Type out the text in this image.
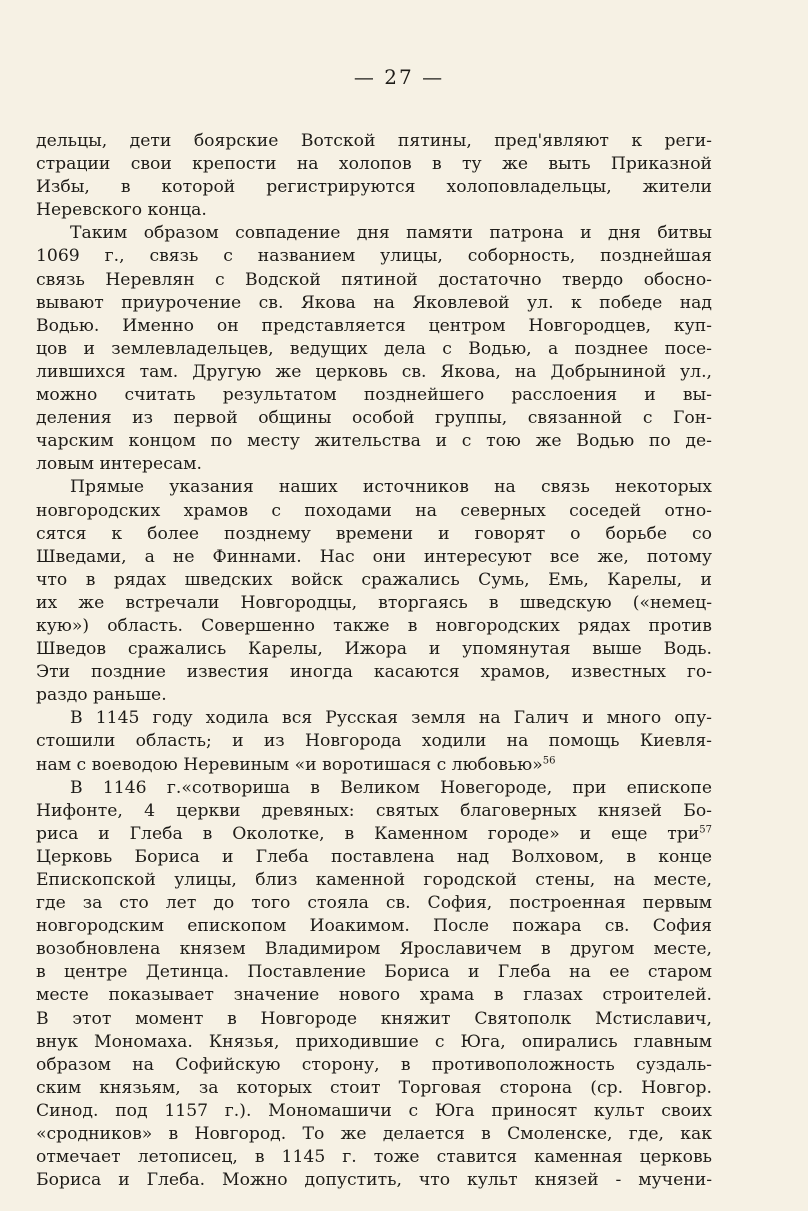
— 27 —
дельцы, дети боярские Вотской пятины, пред'являют к реги-
страции свои крепости на холопов в ту же выть Приказной
Избы, в которой регистрируются холоповладельцы, жители
Неревского конца.
Таким образом совпадение дня памяти патрона и дня битвы
1069 г., связь с названием улицы, соборность, позднейшая
связь Неревлян с Водской пятиной достаточно твердо обосно-
вывают приурочение св. Якова на Яковлевой ул. к победе над
Водью. Именно он представляется центром Новгородцев, куп-
цов и землевладельцев, ведущих дела с Водью, а позднее посе-
лившихся там. Другую же церковь св. Якова, на Добрыниной ул.,
можно считать результатом позднейшего расслоения и вы-
деления из первой общины особой группы, связанной с Гон-
чарским концом по месту жительства и с тою же Водью по де-
ловым интересам.
Прямые указания наших источников на связь некоторых
новгородских храмов с походами на северных соседей отно-
сятся к более позднему времени и говорят о борьбе со
Шведами, а не Финнами. Нас они интересуют все же, потому
что в рядах шведских войск сражались Сумь, Емь, Карелы, и
их же встречали Новгородцы, вторгаясь в шведскую («немец-
кую») область. Совершенно также в новгородских рядах против
Шведов сражались Карелы, Ижора и упомянутая выше Водь.
Эти поздние известия иногда касаются храмов, известных го-
раздо раньше.
В 1145 году ходила вся Русская земля на Галич и много опу-
стошили область; и из Новгорода ходили на помощь Киевля-
нам с воеводою Неревиным «и воротишася с любовью»$^{56}$
В 1146 г.«сотвориша в Великом Новегороде, при епископе
Нифонте, 4 церкви древяных: святых благоверных князей Бо-
риса и Глеба в Околотке, в Каменном городе» и еще три$^{57}$
Церковь Бориса и Глеба поставлена над Волховом, в конце
Епископской улицы, близ каменной городской стены, на месте,
где за сто лет до того стояла св. София, построенная первым
новгородским епископом Иоакимом. После пожара св. София
возобновлена князем Владимиром Ярославичем в другом месте,
в центре Детинца. Поставление Бориса и Глеба на ее старом
месте показывает значение нового храма в глазах строителей.
В этот момент в Новгороде княжит Святополк Мстиславич,
внук Мономаха. Князья, приходившие с Юга, опирались главным
образом на Софийскую сторону, в противоположность суздаль-
ским князьям, за которых стоит Торговая сторона (ср. Новгор.
Синод. под 1157 г.). Мономашичи с Юга приносят культ своих
«сродников» в Новгород. То же делается в Смоленске, где, как
отмечает летописец, в 1145 г. тоже ставится каменная церковь
Бориса и Глеба. Можно допустить, что культ князей - мучени-
